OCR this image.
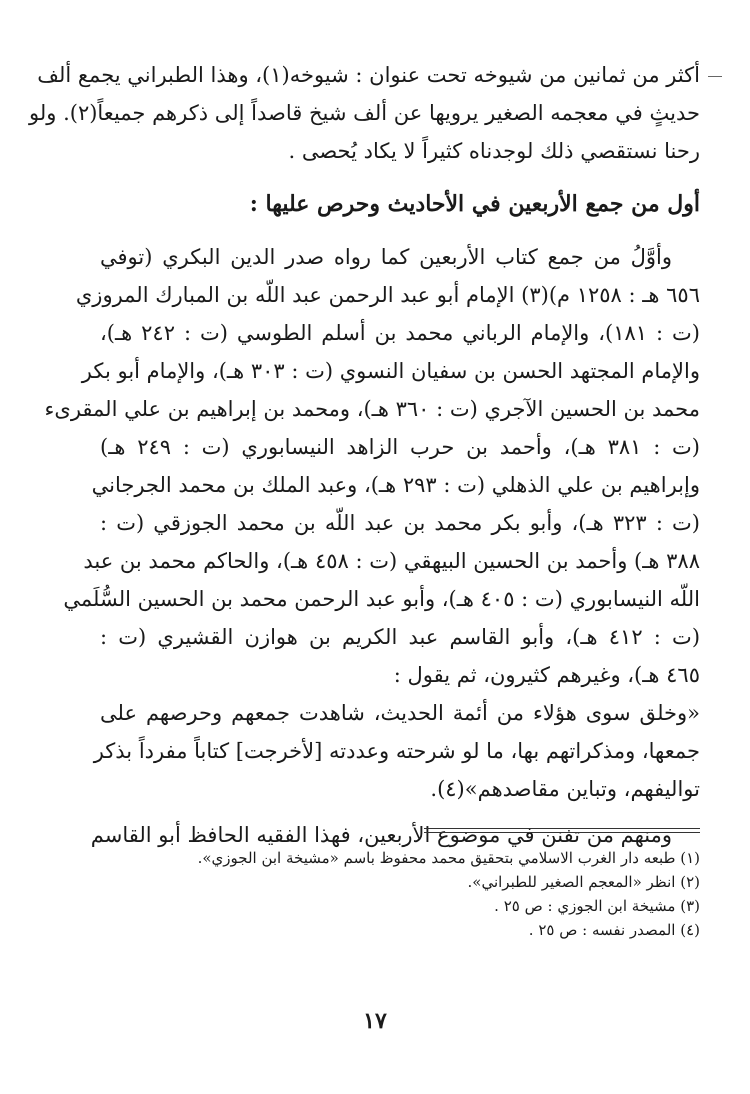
أكثر من ثمانين من شيوخه تحت عنوان : شيوخه(١)، وهذا الطبراني يجمع ألف
حديثٍ في معجمه الصغير يرويها عن ألف شيخ قاصداً إلى ذكرهم جميعاً(٢). ولو
رحنا نستقصي ذلك لوجدناه كثيراً لا يكاد يُحصى .
أول من جمع الأربعين في الأحاديث وحرص عليها :
وأوَّلُ من جمع كتاب الأربعين كما رواه صدر الدين البكري (توفي
٦٥٦ هـ : ١٢٥٨ م)(٣) الإمام أبو عبد الرحمن عبد اللّه بن المبارك المروزي
(ت : ١٨١)، والإمام الرباني محمد بن أسلم الطوسي (ت : ٢٤٢ هـ)،
والإمام المجتهد الحسن بن سفيان النسوي (ت : ٣٠٣ هـ)، والإمام أبو بكر
محمد بن الحسين الآجري (ت : ٣٦٠ هـ)، ومحمد بن إبراهيم بن علي المقرىء
(ت : ٣٨١ هـ)، وأحمد بن حرب الزاهد النيسابوري (ت : ٢٤٩ هـ)
وإبراهيم بن علي الذهلي (ت : ٢٩٣ هـ)، وعبد الملك بن محمد الجرجاني
(ت : ٣٢٣ هـ)، وأبو بكر محمد بن عبد اللّه بن محمد الجوزقي (ت :
٣٨٨ هـ) وأحمد بن الحسين البيهقي (ت : ٤٥٨ هـ)، والحاكم محمد بن عبد
اللّه النيسابوري (ت : ٤٠٥ هـ)، وأبو عبد الرحمن محمد بن الحسين السُّلَمي
(ت : ٤١٢ هـ)، وأبو القاسم عبد الكريم بن هوازن القشيري (ت :
٤٦٥ هـ)، وغيرهم كثيرون، ثم يقول :
«وخلق سوى هؤلاء من أئمة الحديث، شاهدت جمعهم وحرصهم على
جمعها، ومذكراتهم بها، ما لو شرحته وعددته [لأخرجت] كتاباً مفرداً بذكر
تواليفهم، وتباين مقاصدهم»(٤).
ومنهم من تفنن في موضوع الأربعين، فهذا الفقيه الحافظ أبو القاسم
(١) طبعه دار الغرب الاسلامي بتحقيق محمد محفوظ باسم «مشيخة ابن الجوزي».
(٢) انظر «المعجم الصغير للطبراني».
(٣) مشيخة ابن الجوزي : ص ٢٥ .
(٤) المصدر نفسه : ص ٢٥ .
١٧
